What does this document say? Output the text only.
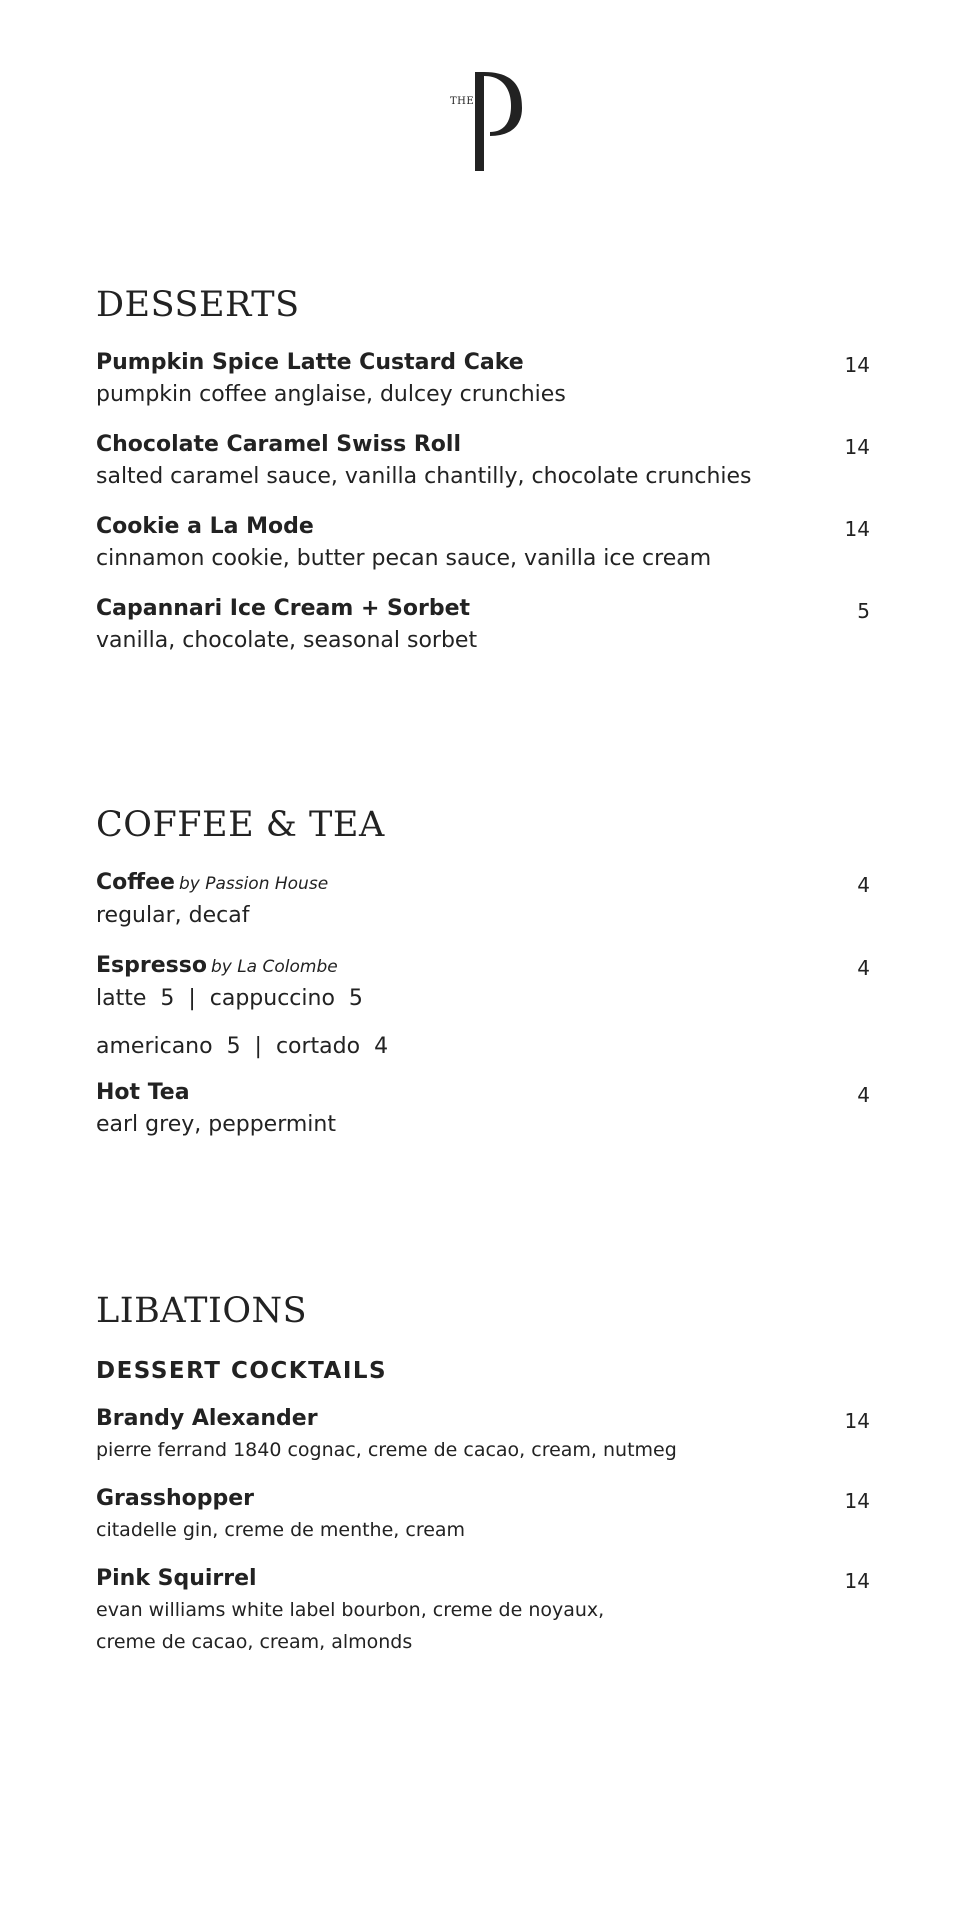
THE
DESSERTS
Pumpkin Spice Latte Custard Cake
pumpkin coffee anglaise, dulcey crunchies
14
Chocolate Caramel Swiss Roll
salted caramel sauce, vanilla chantilly, chocolate crunchies
14
Cookie a La Mode
cinnamon cookie, butter pecan sauce, vanilla ice cream
14
Capannari Ice Cream + Sorbet
vanilla, chocolate, seasonal sorbet
5
COFFEE & TEA
Coffee by Passion House
regular, decaf
4
Espresso by La Colombe
latte  5  |  cappuccino  5
americano  5  |  cortado  4
4
Hot Tea
earl grey, peppermint
4
LIBATIONS
DESSERT COCKTAILS
Brandy Alexander
pierre ferrand 1840 cognac, creme de cacao, cream, nutmeg
14
Grasshopper
citadelle gin, creme de menthe, cream
14
Pink Squirrel
evan williams white label bourbon, creme de noyaux,
creme de cacao, cream, almonds
14
